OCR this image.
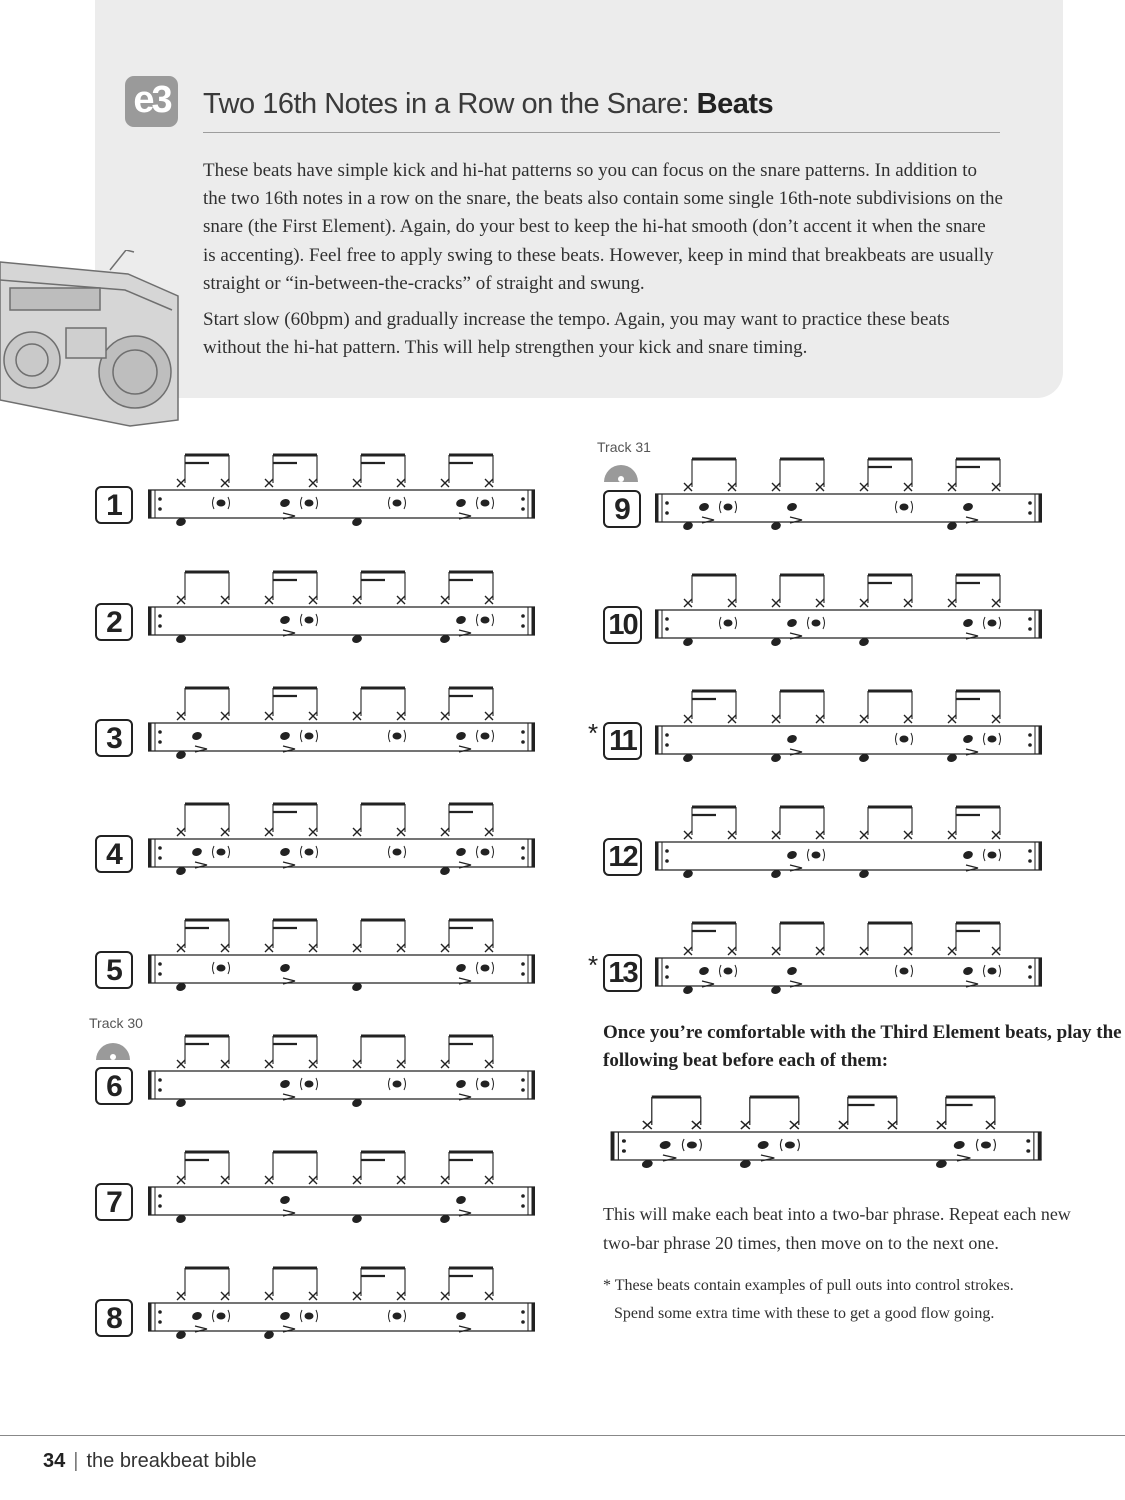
e3 Two 16th Notes in a Row on the Snare: Beats

These beats have simple kick and hi-hat patterns so you can focus on the snare patterns. In addition to the two 16th notes in a row on the snare, the beats also contain some single 16th-note subdivisions on the snare (the First Element). Again, do your best to keep the hi-hat smooth (don’t accent it when the snare is accenting). Feel free to apply swing to these beats. However, keep in mind that breakbeats are usually straight or “in-between-the-cracks” of straight and swung.

Start slow (60bpm) and gradually increase the tempo. Again, you may want to practice these beats without the hi-hat pattern. This will help strengthen your kick and snare timing.

Track 31
Track 30
1
2
3
4
5
6
7
8
9
10
11
12
13
*
*
Once you’re comfortable with the Third Element beats, play the following beat before each of them:
This will make each beat into a two-bar phrase. Repeat each new two-bar phrase 20 times, then move on to the next one.
* These beats contain examples of pull outs into control strokes.
Spend some extra time with these to get a good flow going.
34 | the breakbeat bible
